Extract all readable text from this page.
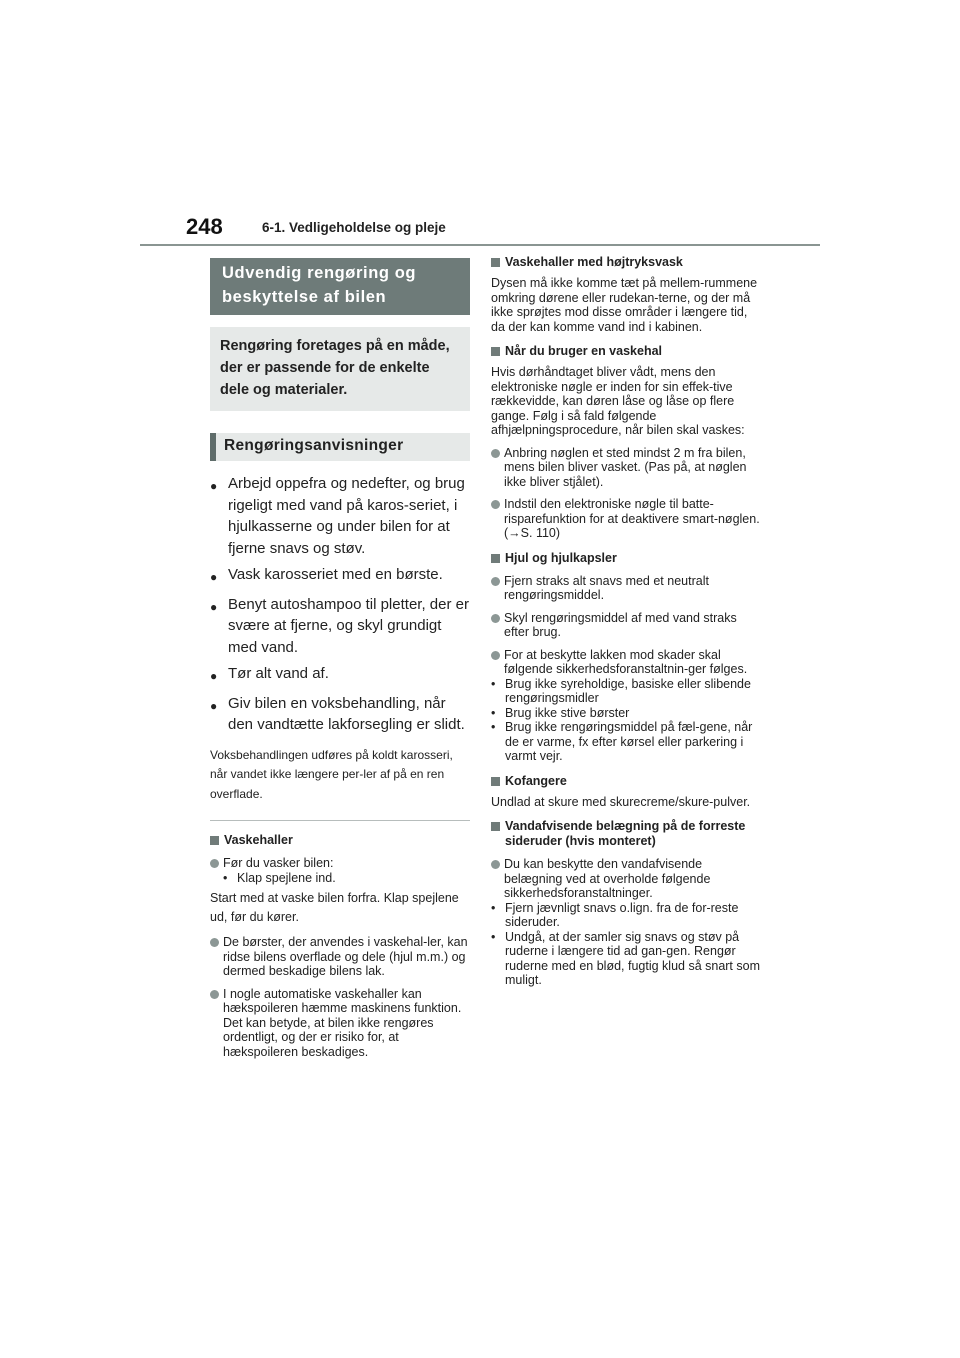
248	6-1. Vedligeholdelse og pleje
Udvendig rengøring og beskyttelse af bilen
Rengøring foretages på en måde, der er passende for de enkelte dele og materialer.
Rengøringsanvisninger
● Arbejd oppefra og nedefter, og brug rigeligt med vand på karos-seriet, i hjulkasserne og under bilen for at fjerne snavs og støv.
● Vask karosseriet med en børste.
● Benyt autoshampoo til pletter, der er svære at fjerne, og skyl grundigt med vand.
● Tør alt vand af.
● Giv bilen en voksbehandling, når den vandtætte lakforsegling er slidt.
Voksbehandlingen udføres på koldt karosseri, når vandet ikke længere per-ler af på en ren overflade.
Vaskehaller
Før du vasker bilen:
• Klap spejlene ind.
Start med at vaske bilen forfra. Klap spejlene ud, før du kører.
De børster, der anvendes i vaskehal-ler, kan ridse bilens overflade og dele (hjul m.m.) og dermed beskadige bilens lak.
I nogle automatiske vaskehaller kan hækspoileren hæmme maskinens funktion. Det kan betyde, at bilen ikke rengøres ordentligt, og der er risiko for, at hækspoileren beskadiges.
Vaskehaller med højtryksvask
Dysen må ikke komme tæt på mellem-rummene omkring dørene eller rudekan-terne, og der må ikke sprøjtes mod disse områder i længere tid, da der kan komme vand ind i kabinen.
Når du bruger en vaskehal
Hvis dørhåndtaget bliver vådt, mens den elektroniske nøgle er inden for sin effek-tive rækkevidde, kan døren låse og låse op flere gange. Følg i så fald følgende afhjælpningsprocedure, når bilen skal vaskes:
Anbring nøglen et sted mindst 2 m fra bilen, mens bilen bliver vasket. (Pas på, at nøglen ikke bliver stjålet).
Indstil den elektroniske nøgle til batte-risparefunktion for at deaktivere smart-nøglen. (→S. 110)
Hjul og hjulkapsler
Fjern straks alt snavs med et neutralt rengøringsmiddel.
Skyl rengøringsmiddel af med vand straks efter brug.
For at beskytte lakken mod skader skal følgende sikkerhedsforanstaltnin-ger følges.
• Brug ikke syreholdige, basiske eller slibende rengøringsmidler
• Brug ikke stive børster
• Brug ikke rengøringsmiddel på fæl-gene, når de er varme, fx efter kørsel eller parkering i varmt vejr.
Kofangere
Undlad at skure med skurecreme/skure-pulver.
Vandafvisende belægning på de forreste sideruder (hvis monteret)
Du kan beskytte den vandafvisende belægning ved at overholde følgende sikkerhedsforanstaltninger.
• Fjern jævnligt snavs o.lign. fra de for-reste sideruder.
• Undgå, at der samler sig snavs og støv på ruderne i længere tid ad gan-gen. Rengør ruderne med en blød, fugtig klud så snart som muligt.
